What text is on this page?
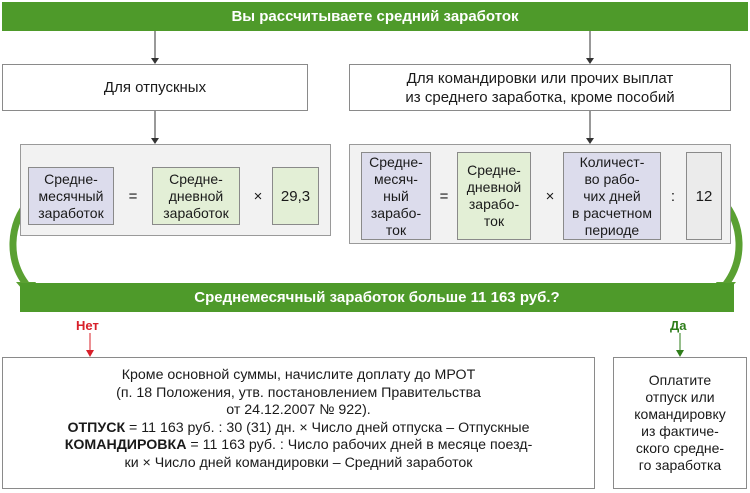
Вы рассчитываете средний заработок
Для отпускных
Для командировки или прочих выплат
из среднего заработка, кроме пособий
Средне-
месячный
заработок
=
Средне-
дневной
заработок
×	29,3
Средне-
месяч-
ный
зарабо-
ток
=
Средне-
дневной
зарабо-
ток
×
Количест-
во рабо-
чих дней
в расчетном
периоде
:	12
Среднемесячный заработок больше 11 163 руб.?
Нет	Да
Кроме основной суммы, начислите доплату до МРОТ
(п. 18 Положения, утв. постановлением Правительства
от 24.12.2007 № 922).
ОТПУСК = 11 163 руб. : 30 (31) дн. × Число дней отпуска – Отпускные
КОМАНДИРОВКА = 11 163 руб. : Число рабочих дней в месяце поезд-
ки × Число дней командировки – Средний заработок
Оплатите
отпуск или
командировку
из фактиче-
ского средне-
го заработка
